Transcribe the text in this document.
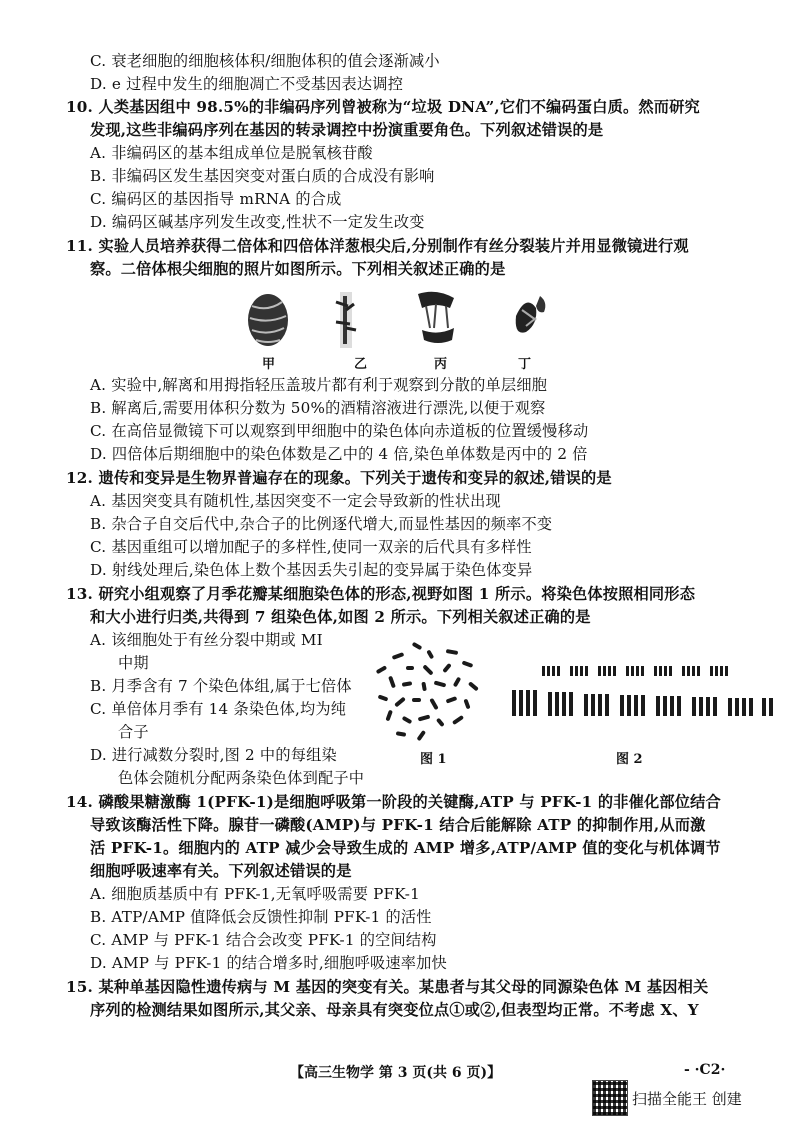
C. 衰老细胞的细胞核体积/细胞体积的值会逐渐减小
D. e 过程中发生的细胞凋亡不受基因表达调控
10. 人类基因组中 98.5%的非编码序列曾被称为“垃圾 DNA”,它们不编码蛋白质。然而研究
发现,这些非编码序列在基因的转录调控中扮演重要角色。下列叙述错误的是
A. 非编码区的基本组成单位是脱氧核苷酸
B. 非编码区发生基因突变对蛋白质的合成没有影响
C. 编码区的基因指导 mRNA 的合成
D. 编码区碱基序列发生改变,性状不一定发生改变
11. 实验人员培养获得二倍体和四倍体洋葱根尖后,分别制作有丝分裂装片并用显微镜进行观
察。二倍体根尖细胞的照片如图所示。下列相关叙述正确的是
甲	乙	丙	丁
A. 实验中,解离和用拇指轻压盖玻片都有利于观察到分散的单层细胞
B. 解离后,需要用体积分数为 50%的酒精溶液进行漂洗,以便于观察
C. 在高倍显微镜下可以观察到甲细胞中的染色体向赤道板的位置缓慢移动
D. 四倍体后期细胞中的染色体数是乙中的 4 倍,染色单体数是丙中的 2 倍
12. 遗传和变异是生物界普遍存在的现象。下列关于遗传和变异的叙述,错误的是
A. 基因突变具有随机性,基因突变不一定会导致新的性状出现
B. 杂合子自交后代中,杂合子的比例逐代增大,而显性基因的频率不变
C. 基因重组可以增加配子的多样性,使同一双亲的后代具有多样性
D. 射线处理后,染色体上数个基因丢失引起的变异属于染色体变异
13. 研究小组观察了月季花瓣某细胞染色体的形态,视野如图 1 所示。将染色体按照相同形态
和大小进行归类,共得到 7 组染色体,如图 2 所示。下列相关叙述正确的是
A. 该细胞处于有丝分裂中期或 MⅠ
中期
B. 月季含有 7 个染色体组,属于七倍体
C. 单倍体月季有 14 条染色体,均为纯
合子
D. 进行减数分裂时,图 2 中的每组染
色体会随机分配两条染色体到配子中
图 1	图 2
14. 磷酸果糖激酶 1(PFK-1)是细胞呼吸第一阶段的关键酶,ATP 与 PFK-1 的非催化部位结合
导致该酶活性下降。腺苷一磷酸(AMP)与 PFK-1 结合后能解除 ATP 的抑制作用,从而激
活 PFK-1。细胞内的 ATP 减少会导致生成的 AMP 增多,ATP/AMP 值的变化与机体调节
细胞呼吸速率有关。下列叙述错误的是
A. 细胞质基质中有 PFK-1,无氧呼吸需要 PFK-1
B. ATP/AMP 值降低会反馈性抑制 PFK-1 的活性
C. AMP 与 PFK-1 结合会改变 PFK-1 的空间结构
D. AMP 与 PFK-1 的结合增多时,细胞呼吸速率加快
15. 某种单基因隐性遗传病与 M 基因的突变有关。某患者与其父母的同源染色体 M 基因相关
序列的检测结果如图所示,其父亲、母亲具有突变位点①或②,但表型均正常。不考虑 X、Y
【高三生物学 第 3 页(共 6 页)】	- ·C2·
扫描全能王 创建
